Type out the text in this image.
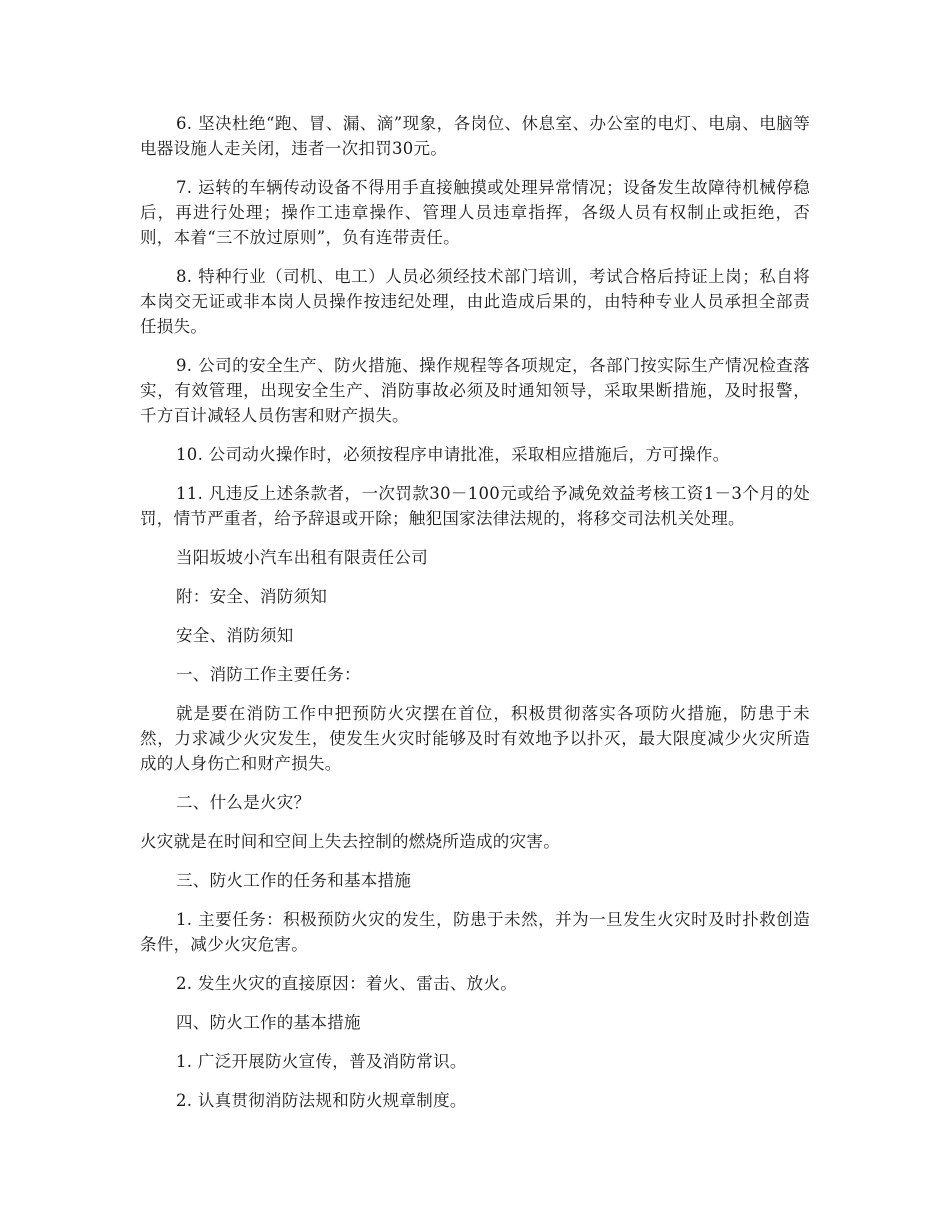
6. 坚决杜绝“跑、冒、漏、滴”现象，各岗位、休息室、办公室的电灯、电扇、电脑等电器设施人走关闭，违者一次扣罚30元。

7. 运转的车辆传动设备不得用手直接触摸或处理异常情况；设备发生故障待机械停稳后，再进行处理；操作工违章操作、管理人员违章指挥，各级人员有权制止或拒绝，否则，本着“三不放过原则”，负有连带责任。

8. 特种行业（司机、电工）人员必须经技术部门培训，考试合格后持证上岗；私自将本岗交无证或非本岗人员操作按违纪处理，由此造成后果的，由特种专业人员承担全部责任损失。

9. 公司的安全生产、防火措施、操作规程等各项规定，各部门按实际生产情况检查落实，有效管理，出现安全生产、消防事故必须及时通知领导，采取果断措施，及时报警，千方百计减轻人员伤害和财产损失。

10. 公司动火操作时，必须按程序申请批准，采取相应措施后，方可操作。

11. 凡违反上述条款者，一次罚款30－100元或给予减免效益考核工资1－3个月的处罚，情节严重者，给予辞退或开除；触犯国家法律法规的，将移交司法机关处理。

当阳坂坡小汽车出租有限责任公司

附：安全、消防须知

安全、消防须知

一、消防工作主要任务：

就是要在消防工作中把预防火灾摆在首位，积极贯彻落实各项防火措施，防患于未然，力求减少火灾发生，使发生火灾时能够及时有效地予以扑灭，最大限度减少火灾所造成的人身伤亡和财产损失。

二、什么是火灾？

火灾就是在时间和空间上失去控制的燃烧所造成的灾害。

三、防火工作的任务和基本措施

1. 主要任务：积极预防火灾的发生，防患于未然，并为一旦发生火灾时及时扑救创造条件，减少火灾危害。

2. 发生火灾的直接原因：着火、雷击、放火。

四、防火工作的基本措施

1. 广泛开展防火宣传，普及消防常识。

2. 认真贯彻消防法规和防火规章制度。
